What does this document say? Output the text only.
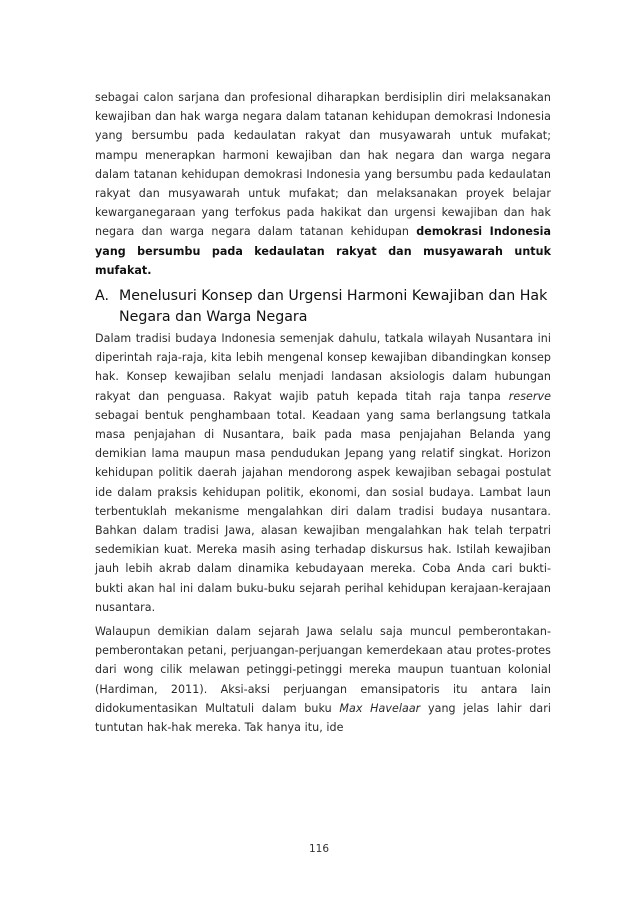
sebagai calon sarjana dan profesional diharapkan berdisiplin diri melaksanakan kewajiban dan hak warga negara dalam tatanan kehidupan demokrasi Indonesia yang bersumbu pada kedaulatan rakyat dan musyawarah untuk mufakat; mampu menerapkan harmoni kewajiban dan hak negara dan warga negara dalam tatanan kehidupan demokrasi Indonesia yang bersumbu pada kedaulatan rakyat dan musyawarah untuk mufakat; dan melaksanakan proyek belajar kewarganegaraan yang terfokus pada hakikat dan urgensi kewajiban dan hak negara dan warga negara dalam tatanan kehidupan demokrasi Indonesia yang bersumbu pada kedaulatan rakyat dan musyawarah untuk mufakat.

A. Menelusuri Konsep dan Urgensi Harmoni Kewajiban dan Hak Negara dan Warga Negara

Dalam tradisi budaya Indonesia semenjak dahulu, tatkala wilayah Nusantara ini diperintah raja-raja, kita lebih mengenal konsep kewajiban dibandingkan konsep hak. Konsep kewajiban selalu menjadi landasan aksiologis dalam hubungan rakyat dan penguasa. Rakyat wajib patuh kepada titah raja tanpa reserve sebagai bentuk penghambaan total. Keadaan yang sama berlangsung tatkala masa penjajahan di Nusantara, baik pada masa penjajahan Belanda yang demikian lama maupun masa pendudukan Jepang yang relatif singkat. Horizon kehidupan politik daerah jajahan mendorong aspek kewajiban sebagai postulat ide dalam praksis kehidupan politik, ekonomi, dan sosial budaya. Lambat laun terbentuklah mekanisme mengalahkan diri dalam tradisi budaya nusantara. Bahkan dalam tradisi Jawa, alasan kewajiban mengalahkan hak telah terpatri sedemikian kuat. Mereka masih asing terhadap diskursus hak. Istilah kewajiban jauh lebih akrab dalam dinamika kebudayaan mereka. Coba Anda cari bukti-bukti akan hal ini dalam buku-buku sejarah perihal kehidupan kerajaan-kerajaan nusantara.

Walaupun demikian dalam sejarah Jawa selalu saja muncul pemberontakan-pemberontakan petani, perjuangan-perjuangan kemerdekaan atau protes-protes dari wong cilik melawan petinggi-petinggi mereka maupun tuantuan kolonial (Hardiman, 2011). Aksi-aksi perjuangan emansipatoris itu antara lain didokumentasikan Multatuli dalam buku Max Havelaar yang jelas lahir dari tuntutan hak-hak mereka. Tak hanya itu, ide

116
